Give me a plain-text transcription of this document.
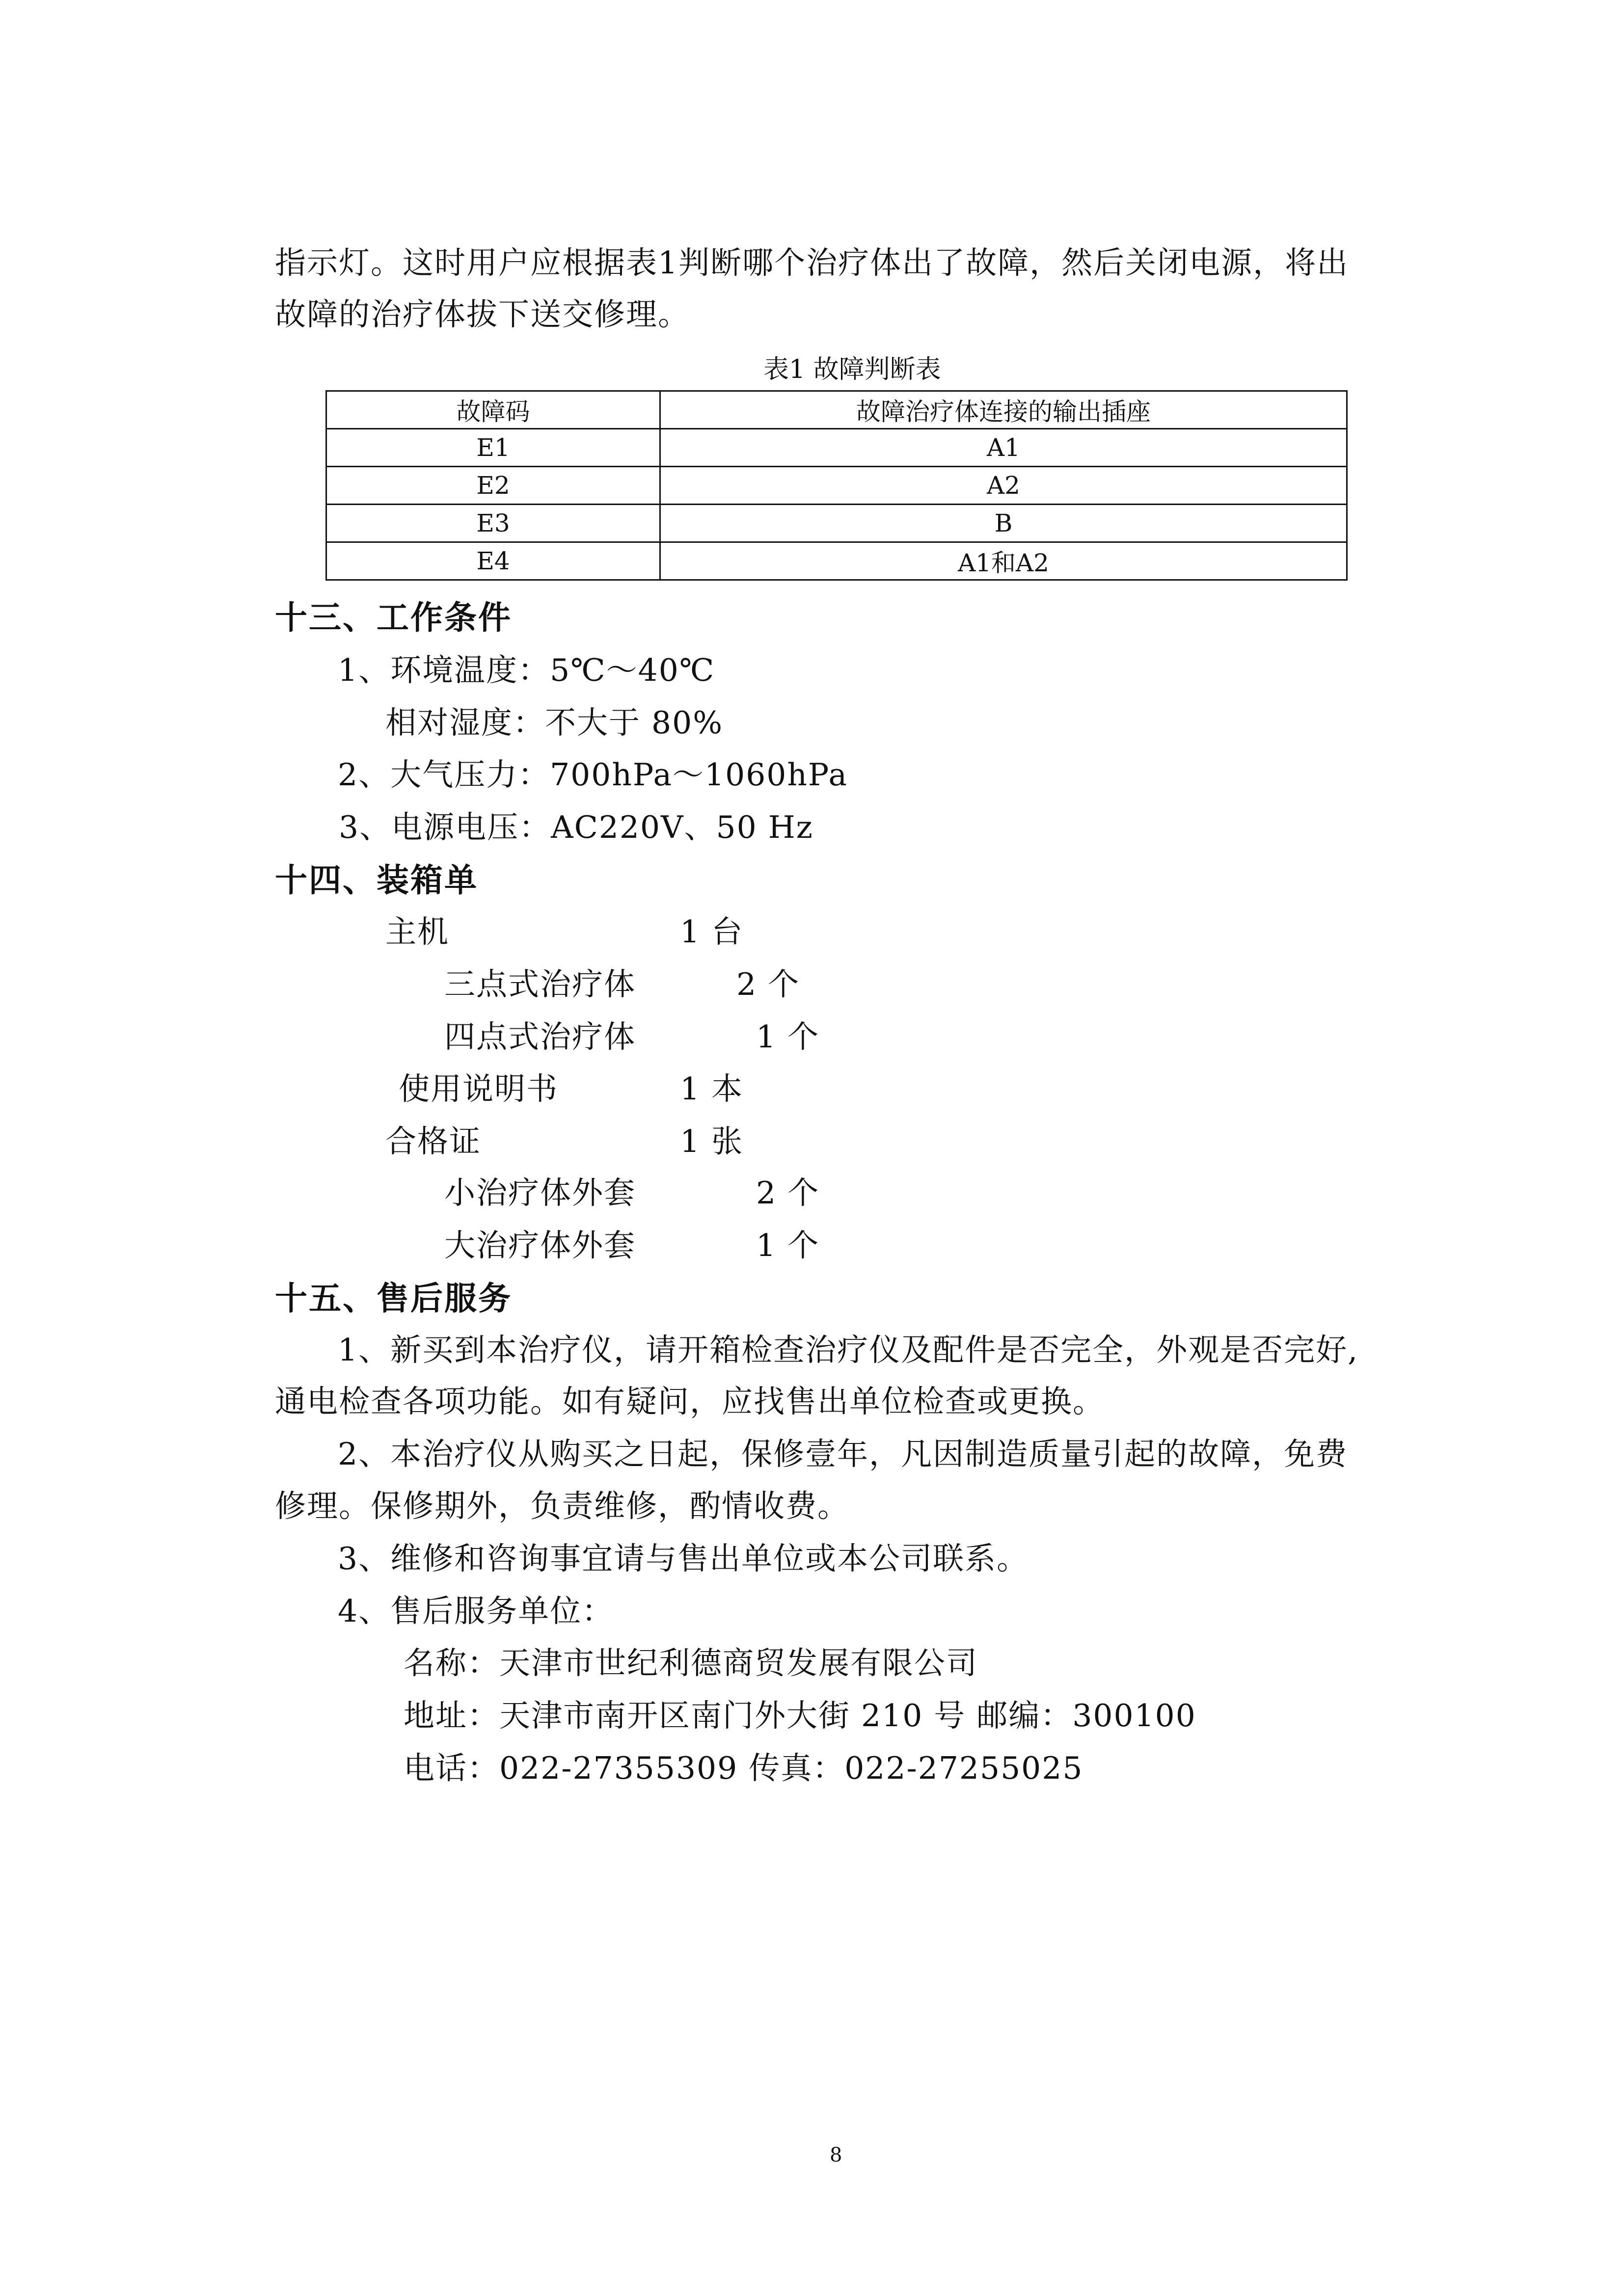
指示灯。这时用户应根据表1判断哪个治疗体出了故障，然后关闭电源，将出
故障的治疗体拔下送交修理。
表1 故障判断表
故障码	故障治疗体连接的输出插座
E1	A1
E2	A2
E3	B
E4	A1和A2
十三、工作条件
1、环境温度：5℃～40℃
相对湿度：不大于 80%
2、大气压力：700hPa～1060hPa
3、电源电压：AC220V、50 Hz
十四、装箱单
主机	1 台
三点式治疗体	2 个
四点式治疗体	1 个
使用说明书	1 本
合格证	1 张
小治疗体外套	2 个
大治疗体外套	1 个
十五、售后服务
1、新买到本治疗仪，请开箱检查治疗仪及配件是否完全，外观是否完好,
通电检查各项功能。如有疑问，应找售出单位检查或更换。
2、本治疗仪从购买之日起，保修壹年，凡因制造质量引起的故障，免费
修理。保修期外，负责维修，酌情收费。
3、维修和咨询事宜请与售出单位或本公司联系。
4、售后服务单位：
名称：天津市世纪利德商贸发展有限公司
地址：天津市南开区南门外大街 210 号 邮编：300100
电话：022-27355309 传真：022-27255025
8
